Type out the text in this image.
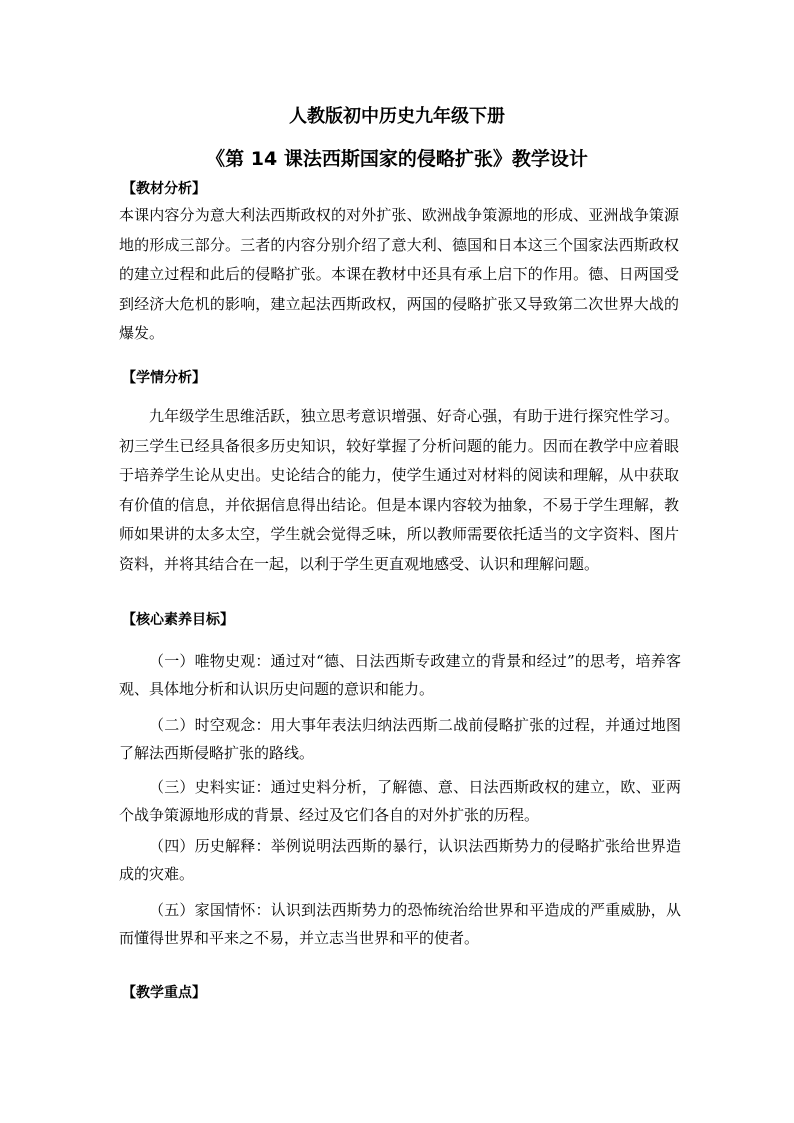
人教版初中历史九年级下册
《第 14 课法西斯国家的侵略扩张》教学设计
【教材分析】
本课内容分为意大利法西斯政权的对外扩张、欧洲战争策源地的形成、亚洲战争策源地的形成三部分。三者的内容分别介绍了意大利、德国和日本这三个国家法西斯政权的建立过程和此后的侵略扩张。本课在教材中还具有承上启下的作用。德、日两国受到经济大危机的影响，建立起法西斯政权，两国的侵略扩张又导致第二次世界大战的爆发。
【学情分析】
九年级学生思维活跃，独立思考意识增强、好奇心强，有助于进行探究性学习。初三学生已经具备很多历史知识，较好掌握了分析问题的能力。因而在教学中应着眼于培养学生论从史出。史论结合的能力，使学生通过对材料的阅读和理解，从中获取有价值的信息，并依据信息得出结论。但是本课内容较为抽象，不易于学生理解，教师如果讲的太多太空，学生就会觉得乏味，所以教师需要依托适当的文字资料、图片资料，并将其结合在一起，以利于学生更直观地感受、认识和理解问题。
【核心素养目标】
（一）唯物史观：通过对“德、日法西斯专政建立的背景和经过”的思考，培养客观、具体地分析和认识历史问题的意识和能力。
（二）时空观念：用大事年表法归纳法西斯二战前侵略扩张的过程，并通过地图了解法西斯侵略扩张的路线。
（三）史料实证：通过史料分析，了解德、意、日法西斯政权的建立，欧、亚两个战争策源地形成的背景、经过及它们各自的对外扩张的历程。
（四）历史解释：举例说明法西斯的暴行，认识法西斯势力的侵略扩张给世界造成的灾难。
（五）家国情怀：认识到法西斯势力的恐怖统治给世界和平造成的严重威胁，从而懂得世界和平来之不易，并立志当世界和平的使者。
【教学重点】
